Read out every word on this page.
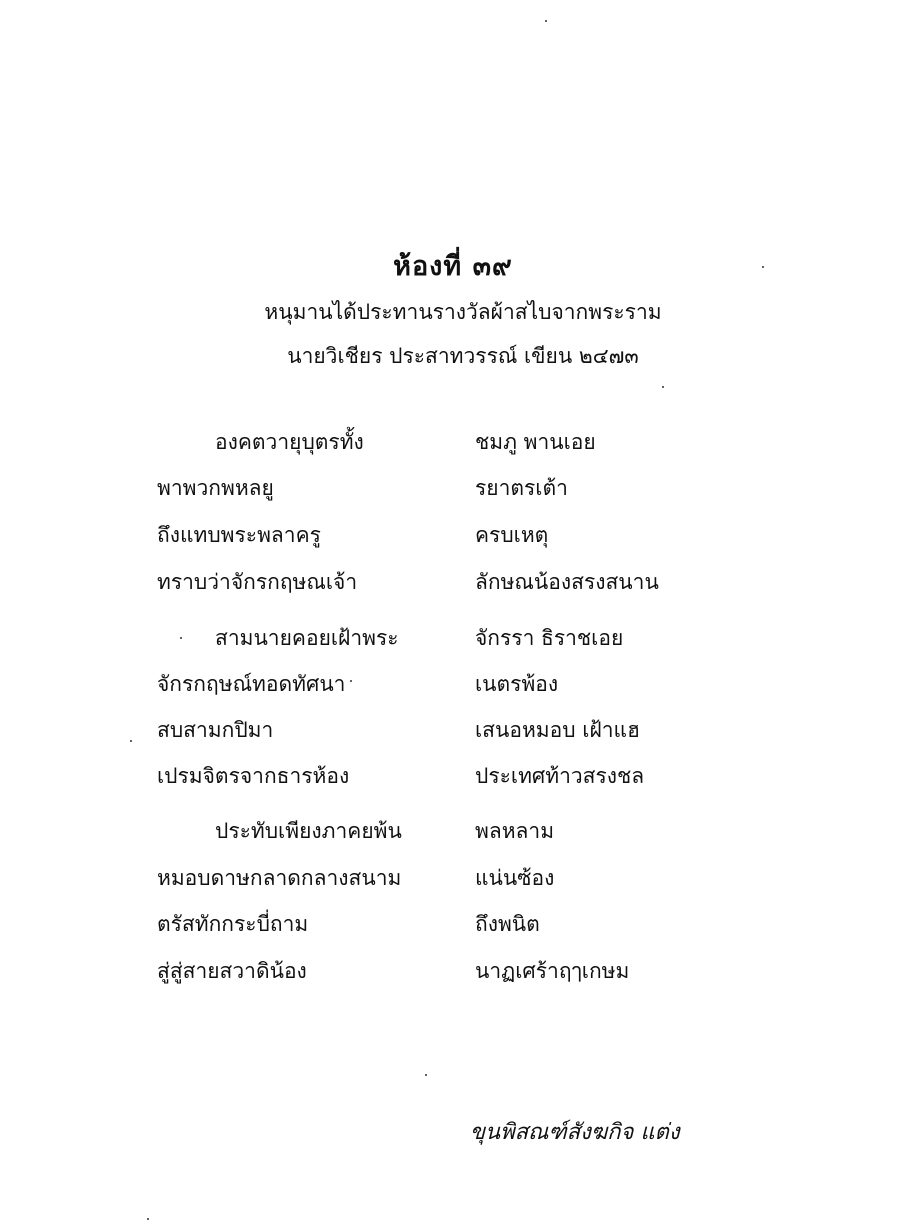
ห้องที่ ๓๙
หนุมานได้ประทานรางวัลผ้าสไบจากพระราม
นายวิเชียร ประสาทวรรณ์ เขียน ๒๔๗๓
องคตวายุบุตรทั้ง	ชมภู พานเอย
พาพวกพหลยู	รยาตรเต้า
ถึงแทบพระพลาครู	ครบเหตุ
ทราบว่าจักรกฤษณเจ้า	ลักษณน้องสรงสนาน
สามนายคอยเฝ้าพระ	จักรรา ธิราชเอย
จักรกฤษณ์ทอดทัศนา	เนตรพ้อง
สบสามกปิมา	เสนอหมอบ เฝ้าแฮ
เปรมจิตรจากธารห้อง	ประเทศท้าวสรงชล
ประทับเพียงภาคยพ้น	พลหลาม
หมอบดาษกลาดกลางสนาม	แน่นซ้อง
ตรัสทักกระบี่ถาม	ถึงพนิต
สู่สู่สายสวาดิน้อง	นาฏเศร้าฤๅเกษม
ขุนพิสณฑ์สังฆกิจ แต่ง
